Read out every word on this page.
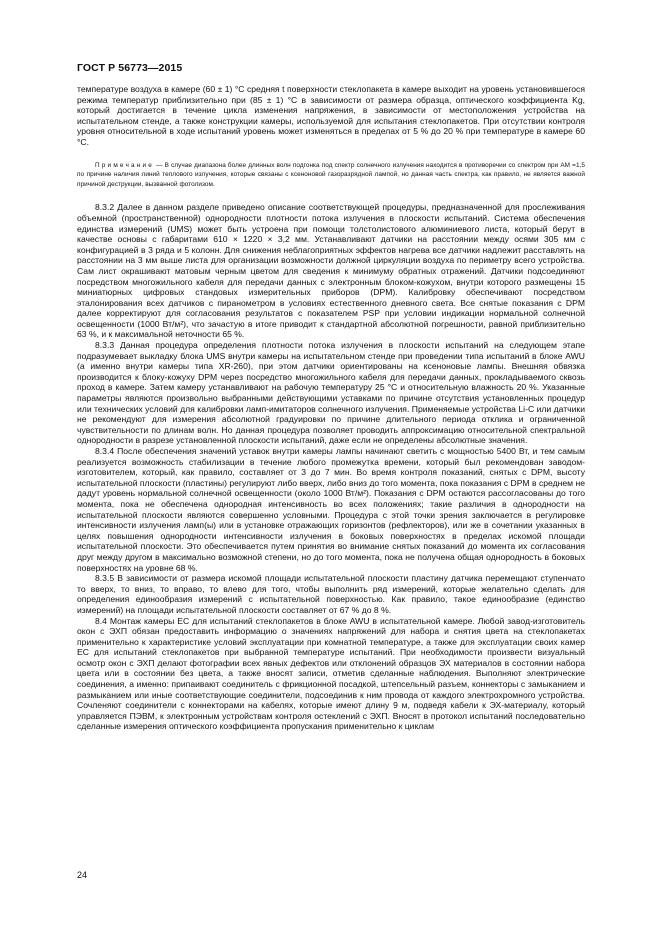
ГОСТ Р 56773—2015

температуре воздуха в камере (60 ± 1) °С средняя t поверхности стеклопакета в камере выходит на уровень установившегося режима температур приблизительно при (85 ± 1) °С в зависимости от размера образца, оптического коэффициента Kg, который достигается в течение цикла изменения напряжения, в зависимости от местоположения устройства на испытательном стенде, а также конструкции камеры, используемой для испытания стеклопакетов. При отсутствии контроля уровня относительной в ходе испытаний уровень может изменяться в пределах от 5 % до 20 % при температуре в камере 60 °С.

Примечание — В случае диапазона более длинных волн подгонка под спектр солнечного излучения находится в противоречии со спектром при АМ =1,5 по причине наличия линий теплового излучения, которые связаны с ксеноновой газоразрядной лампой, но данная часть спектра, как правило, не является важной причиной деструкции, вызванной фотолизом.

8.3.2 Далее в данном разделе приведено описание соответствующей процедуры, предназначенной для прослеживания объемной (пространственной) однородности плотности потока излучения в плоскости испытаний. Система обеспечения единства измерений (UMS) может быть устроена при помощи толстолистового алюминиевого листа, который берут в качестве основы с габаритами 610 × 1220 × 3,2 мм. Устанавливают датчики на расстоянии между осями 305 мм с конфигурацией в 3 ряда и 5 колонн. Для снижения неблагоприятных эффектов нагрева все датчики надлежит расставлять на расстоянии на 3 мм выше листа для организации возможности должной циркуляции воздуха по периметру всего устройства. Сам лист окрашивают матовым черным цветом для сведения к минимуму обратных отражений. Датчики подсоединяют посредством многожильного кабеля для передачи данных с электронным блоком-кожухом, внутри которого размещены 15 миниатюрных цифровых стандовых измерительных приборов (DPM). Калибровку обеспечивают посредством эталонирования всех датчиков с пиранометром в условиях естественного дневного света. Все снятые показания с DPM далее корректируют для согласования результатов с показателем PSP при условии индикации нормальной солнечной освещенности (1000 Вт/м²), что зачастую в итоге приводит к стандартной абсолютной погрешности, равной приблизительно 63 %, и к максимальной неточности 65 %.

8.3.3 Данная процедура определения плотности потока излучения в плоскости испытаний на следующем этапе подразумевает выкладку блока UMS внутри камеры на испытательном стенде при проведении типа испытаний в блоке AWU (а именно внутри камеры типа XR-260), при этом датчики ориентированы на ксеноновые лампы. Внешняя обвязка производится к блоку-кожуху DPM через посредство многожильного кабеля для передачи данных, прокладываемого сквозь проход в камере. Затем камеру устанавливают на рабочую температуру 25 °С и относительную влажность 20 %. Указанные параметры являются произвольно выбранными действующими уставками по причине отсутствия установленных процедур или технических условий для калибровки ламп-имитаторов солнечного излучения. Применяемые устройства Li-C или датчики не рекомендуют для измерения абсолютной градуировки по причине длительного периода отклика и ограниченной чувствительности по длинам волн. Но данная процедура позволяет проводить аппроксимацию относительной спектральной однородности в разрезе установленной плоскости испытаний, даже если не определены абсолютные значения.

8.3.4 После обеспечения значений уставок внутри камеры лампы начинают светить с мощностью 5400 Вт, и тем самым реализуется возможность стабилизации в течение любого промежутка времени, который был рекомендован заводом-изготовителем, который, как правило, составляет от 3 до 7 мин. Во время контроля показаний, снятых с DPM, высоту испытательной плоскости (пластины) регулируют либо вверх, либо вниз до того момента, пока показания с DPM в среднем не дадут уровень нормальной солнечной освещенности (около 1000 Вт/м²). Показания с DPM остаются рассогласованы до того момента, пока не обеспечена однородная интенсивность во всех положениях; такие различия в однородности на испытательной плоскости являются совершенно условными. Процедура с этой точки зрения заключается в регулировке интенсивности излучения ламп(ы) или в установке отражающих горизонтов (рефлекторов), или же в сочетании указанных в целях повышения однородности интенсивности излучения в боковых поверхностях в пределах искомой площади испытательной плоскости. Это обеспечивается путем принятия во внимание снятых показаний до момента их согласования друг между другом в максимально возможной степени, но до того момента, пока не получена общая однородность в боковых поверхностях на уровне 68 %.

8.3.5 В зависимости от размера искомой площади испытательной плоскости пластину датчика перемещают ступенчато то вверх, то вниз, то вправо, то влево для того, чтобы выполнить ряд измерений, которые желательно сделать для определения единообразия измерений с испытательной поверхностью. Как правило, такое единообразие (единство измерений) на площади испытательной плоскости составляет от 67 % до 8 %.

8.4 Монтаж камеры ЕС для испытаний стеклопакетов в блоке AWU в испытательной камере. Любой завод-изготовитель окон с ЭХП обязан предоставить информацию о значениях напряжений для набора и снятия цвета на стеклопакетах применительно к характеристике условий эксплуатации при комнатной температуре, а также для эксплуатации своих камер ЕС для испытаний стеклопакетов при выбранной температуре испытаний. При необходимости произвести визуальный осмотр окон с ЭХП делают фотографии всех явных дефектов или отклонений образцов ЭХ материалов в состоянии набора цвета или в состоянии без цвета, а также вносят записи, отметив сделанные наблюдения. Выполняют электрические соединения, а именно: припаивают соединитель с фрикционной посадкой, штепсельный разъем, коннекторы с замыканием и размыканием или иные соответствующие соединители, подсоединив к ним провода от каждого электрохромного устройства. Сочленяют соединители с коннекторами на кабелях, которые имеют длину 9 м, подведя кабели к ЭХ-материалу, который управляется ПЭВМ, к электронным устройствам контроля остеклений с ЭХП. Вносят в протокол испытаний последовательно сделанные измерения оптического коэффициента пропускания применительно к циклам

24
